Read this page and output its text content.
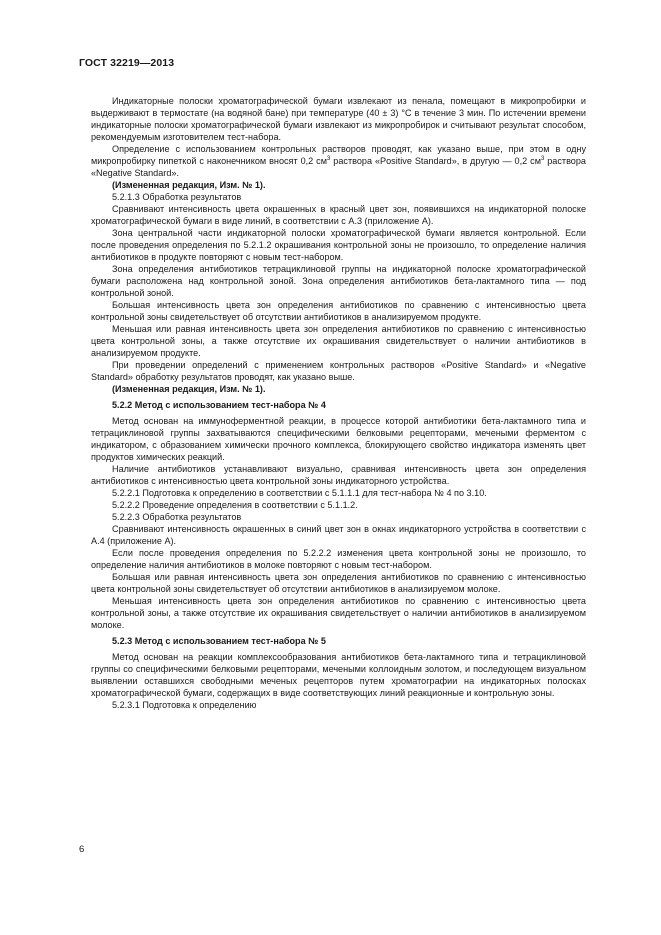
ГОСТ 32219—2013

Индикаторные полоски хроматографической бумаги извлекают из пенала, помещают в микропробирки и выдерживают в термостате (на водяной бане) при температуре (40 ± 3) °С в течение 3 мин. По истечении времени индикаторные полоски хроматографической бумаги извлекают из микропробирок и считывают результат способом, рекомендуемым изготовителем тест-набора.

Определение с использованием контрольных растворов проводят, как указано выше, при этом в одну микропробирку пипеткой с наконечником вносят 0,2 $см^3$ раствора «Positive Standard», в другую — 0,2 $см^3$ раствора «Negative Standard».

(Измененная редакция, Изм. № 1).

5.2.1.3 Обработка результатов

Сравнивают интенсивность цвета окрашенных в красный цвет зон, появившихся на индикаторной полоске хроматографической бумаги в виде линий, в соответствии с А.3 (приложение А).

Зона центральной части индикаторной полоски хроматографической бумаги является контрольной. Если после проведения определения по 5.2.1.2 окрашивания контрольной зоны не произошло, то определение наличия антибиотиков в продукте повторяют с новым тест-набором.

Зона определения антибиотиков тетрациклиновой группы на индикаторной полоске хроматографической бумаги расположена над контрольной зоной. Зона определения антибиотиков бета-лактамного типа — под контрольной зоной.

Большая интенсивность цвета зон определения антибиотиков по сравнению с интенсивностью цвета контрольной зоны свидетельствует об отсутствии антибиотиков в анализируемом продукте.

Меньшая или равная интенсивность цвета зон определения антибиотиков по сравнению с интенсивностью цвета контрольной зоны, а также отсутствие их окрашивания свидетельствует о наличии антибиотиков в анализируемом продукте.

При проведении определений с применением контрольных растворов «Positive Standard» и «Negative Standard» обработку результатов проводят, как указано выше.

(Измененная редакция, Изм. № 1).

5.2.2 Метод с использованием тест-набора № 4

Метод основан на иммуноферментной реакции, в процессе которой антибиотики бета-лактамного типа и тетрациклиновой группы захватываются специфическими белковыми рецепторами, мечеными ферментом с индикатором, с образованием химически прочного комплекса, блокирующего свойство индикатора изменять цвет продуктов химических реакций.

Наличие антибиотиков устанавливают визуально, сравнивая интенсивность цвета зон определения антибиотиков с интенсивностью цвета контрольной зоны индикаторного устройства.

5.2.2.1 Подготовка к определению в соответствии с 5.1.1.1 для тест-набора № 4 по 3.10.

5.2.2.2 Проведение определения в соответствии с 5.1.1.2.

5.2.2.3 Обработка результатов

Сравнивают интенсивность окрашенных в синий цвет зон в окнах индикаторного устройства в соответствии с А.4 (приложение А).

Если после проведения определения по 5.2.2.2 изменения цвета контрольной зоны не произошло, то определение наличия антибиотиков в молоке повторяют с новым тест-набором.

Большая или равная интенсивность цвета зон определения антибиотиков по сравнению с интенсивностью цвета контрольной зоны свидетельствует об отсутствии антибиотиков в анализируемом молоке.

Меньшая интенсивность цвета зон определения антибиотиков по сравнению с интенсивностью цвета контрольной зоны, а также отсутствие их окрашивания свидетельствует о наличии антибиотиков в анализируемом молоке.

5.2.3 Метод с использованием тест-набора № 5

Метод основан на реакции комплексообразования антибиотиков бета-лактамного типа и тетрациклиновой группы со специфическими белковыми рецепторами, мечеными коллоидным золотом, и последующем визуальном выявлении оставшихся свободными меченых рецепторов путем хроматографии на индикаторных полосках хроматографической бумаги, содержащих в виде соответствующих линий реакционные и контрольную зоны.

5.2.3.1 Подготовка к определению

6
